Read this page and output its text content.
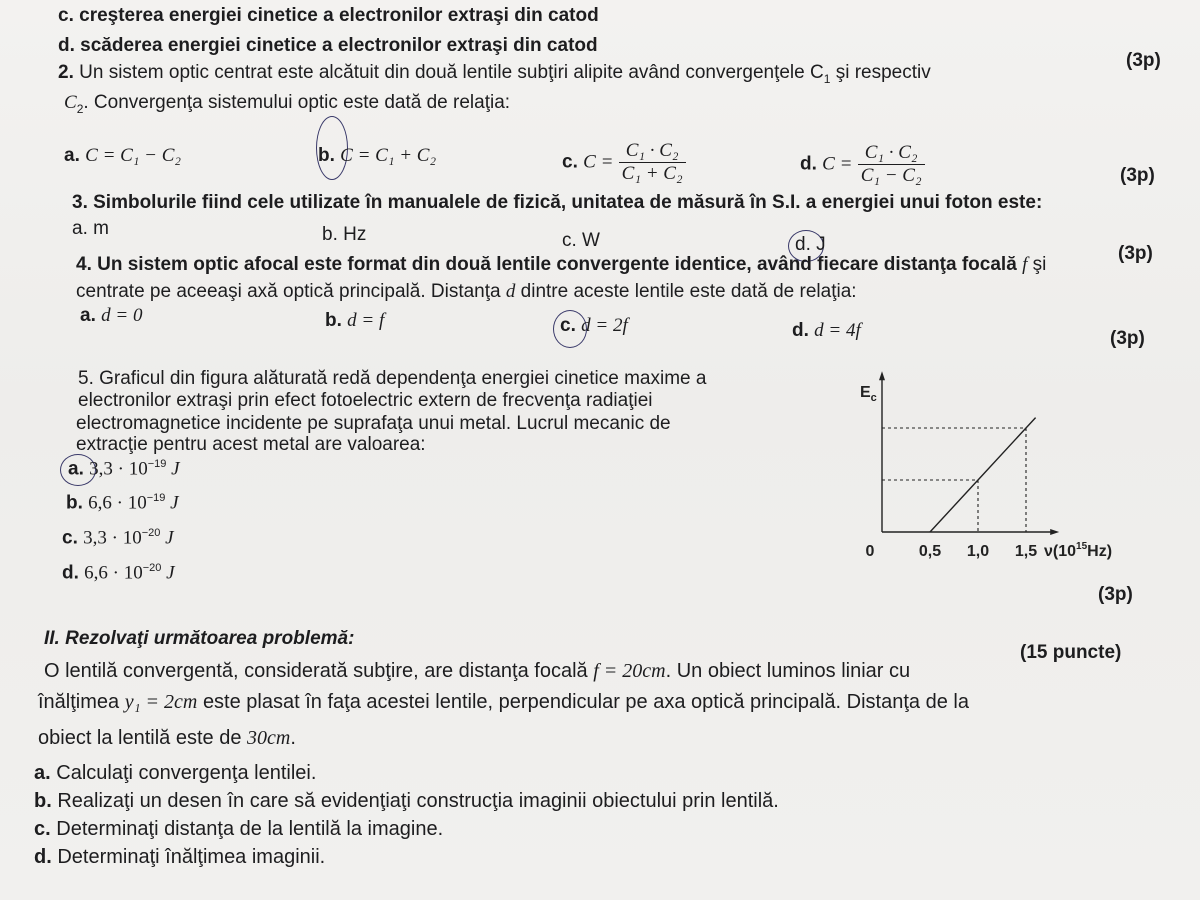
c. creşterea energiei cinetice a electronilor extraşi din catod
d. scăderea energiei cinetice a electronilor extraşi din catod
(3p)
2. Un sistem optic centrat este alcătuit din două lentile subţiri alipite având convergenţele $C_1$ şi respectiv
$C_2$. Convergenţa sistemului optic este dată de relaţia:
a. C = C₁ − C₂	b. C = C₁ + C₂	c. $C = \frac{\text{C₁ · C₂}}{\text{C₁ + C₂}}$	d. $C = \frac{\text{C₁ · C₂}}{\text{C₁ − C₂}}$	(3p)
3. Simbolurile fiind cele utilizate în manualele de fizică, unitatea de măsură în S.I. a energiei unui foton este:
a. m	b. Hz	c. W	d. J	(3p)
4. Un sistem optic afocal este format din două lentile convergente identice, având fiecare distanţa focală f şi
centrate pe aceeaşi axă optică principală. Distanţa d dintre aceste lentile este dată de relaţia:
a. d = 0	b. d = f	c. d = 2f	d. d = 4f	(3p)
5. Graficul din figura alăturată redă dependenţa energiei cinetice maxime a
electronilor extraşi prin efect fotoelectric extern de frecvenţa radiaţiei
electromagnetice incidente pe suprafaţa unui metal. Lucrul mecanic de
extracţie pentru acest metal are valoarea:
a. $3,3 \cdot 10^{-19}$ J
b. $6,6 \cdot 10^{-19}$ J
c. $3,3 \cdot 10^{-20}$ J
d. $6,6 \cdot 10^{-20}$ J
0	0,5 1,0 1,5 $\nu(10^{15}Hz)$
$E_c$
(3p)
II. Rezolvaţi următoarea problemă:
(15 puncte)
O lentilă convergentă, considerată subţire, are distanţa focală f = 20cm. Un obiect luminos liniar cu
înălţimea y₁ = 2cm este plasat în faţa acestei lentile, perpendicular pe axa optică principală. Distanţa de la
obiect la lentilă este de 30cm.
a. Calculaţi convergenţa lentilei.
b. Realizaţi un desen în care să evidenţiaţi construcţia imaginii obiectului prin lentilă.
c. Determinaţi distanţa de la lentilă la imagine.
d. Determinaţi înălţimea imaginii.
